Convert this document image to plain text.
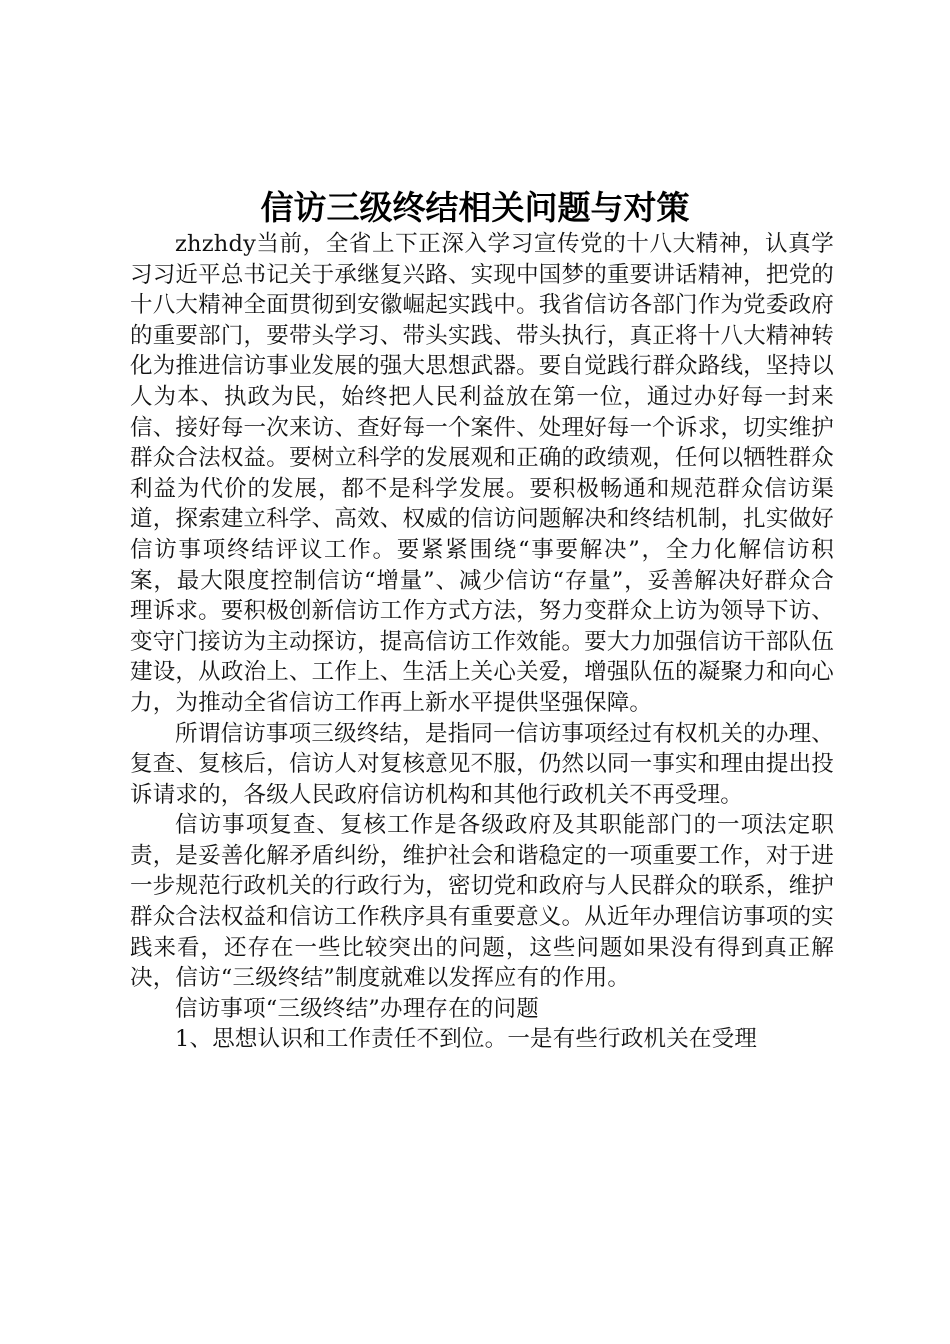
信访三级终结相关问题与对策

zhzhdy当前，全省上下正深入学习宣传党的十八大精神，认真学习习近平总书记关于承继复兴路、实现中国梦的重要讲话精神，把党的十八大精神全面贯彻到安徽崛起实践中。我省信访各部门作为党委政府的重要部门，要带头学习、带头实践、带头执行，真正将十八大精神转化为推进信访事业发展的强大思想武器。要自觉践行群众路线，坚持以人为本、执政为民，始终把人民利益放在第一位，通过办好每一封来信、接好每一次来访、查好每一个案件、处理好每一个诉求，切实维护群众合法权益。要树立科学的发展观和正确的政绩观，任何以牺牲群众利益为代价的发展，都不是科学发展。要积极畅通和规范群众信访渠道，探索建立科学、高效、权威的信访问题解决和终结机制，扎实做好信访事项终结评议工作。要紧紧围绕“事要解决”，全力化解信访积案，最大限度控制信访“增量”、减少信访“存量”，妥善解决好群众合理诉求。要积极创新信访工作方式方法，努力变群众上访为领导下访、变守门接访为主动探访，提高信访工作效能。要大力加强信访干部队伍建设，从政治上、工作上、生活上关心关爱，增强队伍的凝聚力和向心力，为推动全省信访工作再上新水平提供坚强保障。

所谓信访事项三级终结，是指同一信访事项经过有权机关的办理、复查、复核后，信访人对复核意见不服，仍然以同一事实和理由提出投诉请求的，各级人民政府信访机构和其他行政机关不再受理。

信访事项复查、复核工作是各级政府及其职能部门的一项法定职责，是妥善化解矛盾纠纷，维护社会和谐稳定的一项重要工作，对于进一步规范行政机关的行政行为，密切党和政府与人民群众的联系，维护群众合法权益和信访工作秩序具有重要意义。从近年办理信访事项的实践来看，还存在一些比较突出的问题，这些问题如果没有得到真正解决，信访“三级终结”制度就难以发挥应有的作用。

信访事项“三级终结”办理存在的问题

1、思想认识和工作责任不到位。一是有些行政机关在受理
